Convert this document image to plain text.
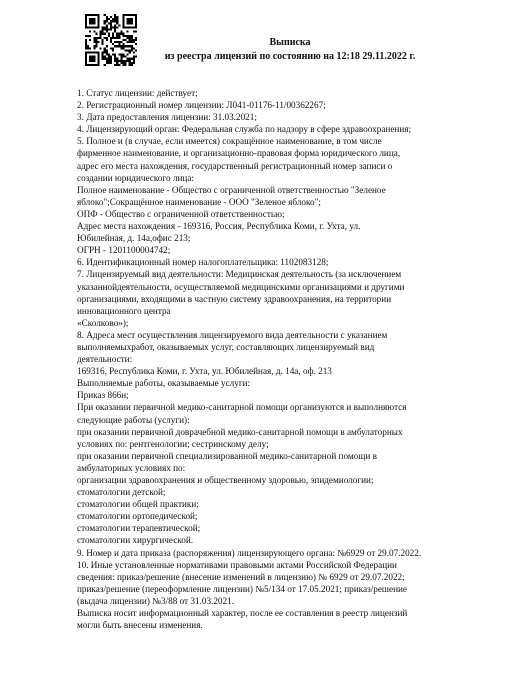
Выписка
из реестра лицензий по состоянию на 12:18 29.11.2022 г.

1. Статус лицензии: действует;

2. Регистрационный номер лицензии: Л041-01176-11/00362267;

3. Дата предоставления лицензии: 31.03.2021;

4. Лицензирующий орган: Федеральная служба по надзору в сфере здравоохранения;

5. Полное и (в случае, если имеется) сокращённое наименование, в том числе

фирменное наименование, и организационно-правовая форма юридического лица,

адрес его места нахождения, государственный регистрационный номер записи о

создании юридического лица:

Полное наименование - Общество с ограниченной ответственностью "Зеленое

яблоко";Сокращённое наименование - ООО "Зеленое яблоко";

ОПФ - Общество с ограниченной ответственностью;

Адрес места нахождения - 169316, Россия, Республика Коми, г. Ухта, ул.

Юбилейная, д. 14а,офис 213;

ОГРН - 1201100004742;

6. Идентификационный номер налогоплательщика: 1102083128;

7. Лицензируемый вид деятельности: Медицинская деятельность (за исключением

указаннойдеятельности, осуществляемой медицинскими организациями и другими

организациями, входящими в частную систему здравоохранения, на территории

инновационного центра

«Сколково»);

8. Адреса мест осуществления лицензируемого вида деятельности с указанием

выполняемыхработ, оказываемых услуг, составляющих лицензируемый вид

деятельности:

169316, Республика Коми, г. Ухта, ул. Юбилейная, д. 14а, оф. 213

Выполняемые работы, оказываемые услуги:

Приказ 866н;

При оказании первичной медико-санитарной помощи организуются и выполняются

следующие работы (услуги):

при оказании первичной доврачебной медико-санитарной помощи в амбулаторных

условиях по: рентгенологии; сестринскому делу;

при оказании первичной специализированной медико-санитарной помощи в

амбулаторных условиях по:

организации здравоохранения и общественному здоровью, эпидемиологии;

стоматологии детской;

стоматологии общей практики;

стоматологии ортопедической;

стоматологии терапевтической;

стоматологии хирургической.

9. Номер и дата приказа (распоряжения) лицензирующего органа: №6929 от 29.07.2022.

10. Иные установленные нормативами правовыми актами Российской Федерации

сведения: приказ/решение (внесение изменений в лицензию) № 6929 от 29.07.2022;

приказ/решение (переоформление лицензии) №5/134 от 17.05.2021; приказ/решение

(выдача лицензии) №3/88 от 31.03.2021.

Выписка носит информационный характер, после ее составления в реестр лицензий

могли быть внесены изменения.
